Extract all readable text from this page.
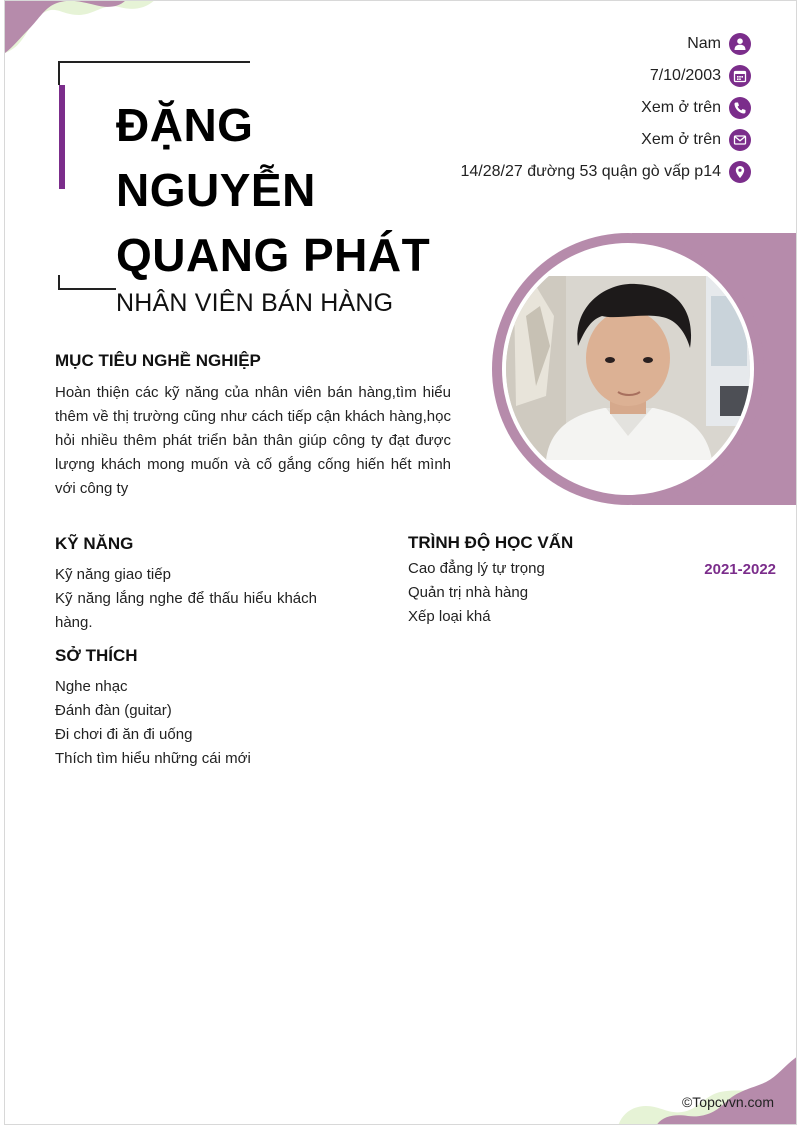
ĐẶNG
NGUYỄN
QUANG PHÁT
NHÂN VIÊN BÁN HÀNG
Nam
7/10/2003
Xem ở trên
Xem ở trên
14/28/27 đường 53 quận gò vấp p14
MỤC TIÊU NGHỀ NGHIỆP
Hoàn thiện các kỹ năng của nhân viên bán hàng,tìm hiểu thêm về thị trường cũng như cách tiếp cận khách hàng,học hỏi nhiều thêm phát triển bản thân giúp công ty đạt được lượng khách mong muốn và cố gắng cống hiến hết mình với công ty
KỸ NĂNG
Kỹ năng giao tiếp
Kỹ năng lắng nghe để thấu hiểu khách hàng.
SỞ THÍCH
Nghe nhạc
Đánh đàn (guitar)
Đi chơi đi ăn đi uống
Thích tìm hiểu những cái mới
TRÌNH ĐỘ HỌC VẤN
Cao đẳng lý tự trọng	2021-2022
Quản trị nhà hàng
Xếp loại khá
©Topcvvn.com
